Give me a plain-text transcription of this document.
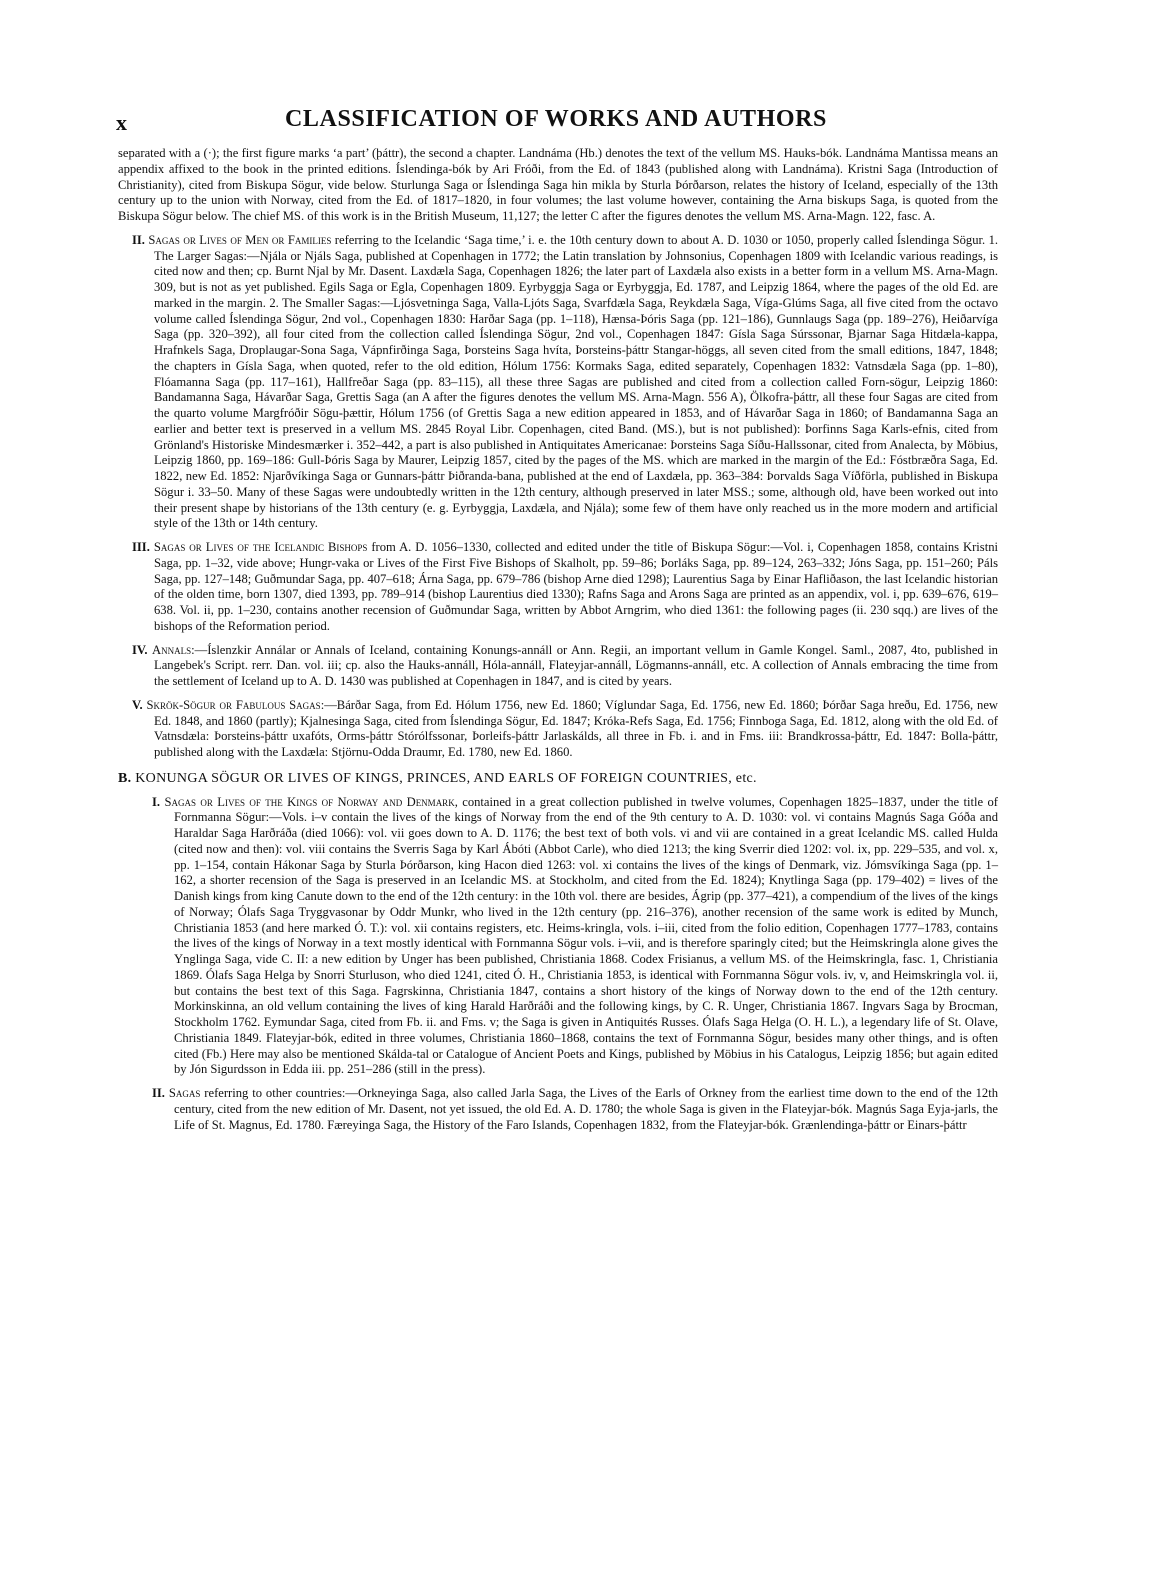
x	CLASSIFICATION OF WORKS AND AUTHORS

separated with a (·); the first figure marks ‘a part’ (þáttr), the second a chapter. Landnáma (Hb.) denotes the text of the vellum MS. Hauks-bók. Landnáma Mantissa means an appendix affixed to the book in the printed editions. Íslendinga-bók by Ari Fróði, from the Ed. of 1843 (published along with Landnáma). Kristni Saga (Introduction of Christianity), cited from Biskupa Sögur, vide below. Sturlunga Saga or Íslendinga Saga hin mikla by Sturla Þórðarson, relates the history of Iceland, especially of the 13th century up to the union with Norway, cited from the Ed. of 1817–1820, in four volumes; the last volume however, containing the Arna biskups Saga, is quoted from the Biskupa Sögur below. The chief MS. of this work is in the British Museum, 11,127; the letter C after the figures denotes the vellum MS. Arna-Magn. 122, fasc. A.

II. Sagas or Lives of Men or Families referring to the Icelandic ‘Saga time,’ i. e. the 10th century down to about A. D. 1030 or 1050, properly called Íslendinga Sögur. 1. The Larger Sagas:—Njála or Njáls Saga, published at Copenhagen in 1772; the Latin translation by Johnsonius, Copenhagen 1809 with Icelandic various readings, is cited now and then; cp. Burnt Njal by Mr. Dasent. Laxdæla Saga, Copenhagen 1826; the later part of Laxdæla also exists in a better form in a vellum MS. Arna-Magn. 309, but is not as yet published. Egils Saga or Egla, Copenhagen 1809. Eyrbyggja Saga or Eyrbyggja, Ed. 1787, and Leipzig 1864, where the pages of the old Ed. are marked in the margin. 2. The Smaller Sagas:—Ljósvetninga Saga, Valla-Ljóts Saga, Svarfdæla Saga, Reykdæla Saga, Víga-Glúms Saga, all five cited from the octavo volume called Íslendinga Sögur, 2nd vol., Copenhagen 1830: Harðar Saga (pp. 1–118), Hænsa-Þóris Saga (pp. 121–186), Gunnlaugs Saga (pp. 189–276), Heiðarvíga Saga (pp. 320–392), all four cited from the collection called Íslendinga Sögur, 2nd vol., Copenhagen 1847: Gísla Saga Súrssonar, Bjarnar Saga Hitdæla-kappa, Hrafnkels Saga, Droplaugar-Sona Saga, Vápnfirðinga Saga, Þorsteins Saga hvíta, Þorsteins-þáttr Stangar-höggs, all seven cited from the small editions, 1847, 1848; the chapters in Gísla Saga, when quoted, refer to the old edition, Hólum 1756: Kormaks Saga, edited separately, Copenhagen 1832: Vatnsdæla Saga (pp. 1–80), Flóamanna Saga (pp. 117–161), Hallfreðar Saga (pp. 83–115), all these three Sagas are published and cited from a collection called Forn-sögur, Leipzig 1860: Bandamanna Saga, Hávarðar Saga, Grettis Saga (an A after the figures denotes the vellum MS. Arna-Magn. 556 A), Ölkofra-þáttr, all these four Sagas are cited from the quarto volume Margfróðir Sögu-þættir, Hólum 1756 (of Grettis Saga a new edition appeared in 1853, and of Hávarðar Saga in 1860; of Bandamanna Saga an earlier and better text is preserved in a vellum MS. 2845 Royal Libr. Copenhagen, cited Band. (MS.), but is not published): Þorfinns Saga Karls-efnis, cited from Grönland's Historiske Mindesmærker i. 352–442, a part is also published in Antiquitates Americanae: Þorsteins Saga Síðu-Hallssonar, cited from Analecta, by Möbius, Leipzig 1860, pp. 169–186: Gull-Þóris Saga by Maurer, Leipzig 1857, cited by the pages of the MS. which are marked in the margin of the Ed.: Fóstbræðra Saga, Ed. 1822, new Ed. 1852: Njarðvíkinga Saga or Gunnars-þáttr Þiðranda-bana, published at the end of Laxdæla, pp. 363–384: Þorvalds Saga Víðförla, published in Biskupa Sögur i. 33–50. Many of these Sagas were undoubtedly written in the 12th century, although preserved in later MSS.; some, although old, have been worked out into their present shape by historians of the 13th century (e. g. Eyrbyggja, Laxdæla, and Njála); some few of them have only reached us in the more modern and artificial style of the 13th or 14th century.

III. Sagas or Lives of the Icelandic Bishops from A. D. 1056–1330, collected and edited under the title of Biskupa Sögur:—Vol. i, Copenhagen 1858, contains Kristni Saga, pp. 1–32, vide above; Hungr-vaka or Lives of the First Five Bishops of Skalholt, pp. 59–86; Þorláks Saga, pp. 89–124, 263–332; Jóns Saga, pp. 151–260; Páls Saga, pp. 127–148; Guðmundar Saga, pp. 407–618; Árna Saga, pp. 679–786 (bishop Arne died 1298); Laurentius Saga by Einar Hafliðason, the last Icelandic historian of the olden time, born 1307, died 1393, pp. 789–914 (bishop Laurentius died 1330); Rafns Saga and Arons Saga are printed as an appendix, vol. i, pp. 639–676, 619–638. Vol. ii, pp. 1–230, contains another recension of Guðmundar Saga, written by Abbot Arngrim, who died 1361: the following pages (ii. 230 sqq.) are lives of the bishops of the Reformation period.

IV. Annals:—Íslenzkir Annálar or Annals of Iceland, containing Konungs-annáll or Ann. Regii, an important vellum in Gamle Kongel. Saml., 2087, 4to, published in Langebek's Script. rerr. Dan. vol. iii; cp. also the Hauks-annáll, Hóla-annáll, Flateyjar-annáll, Lögmanns-annáll, etc. A collection of Annals embracing the time from the settlement of Iceland up to A. D. 1430 was published at Copenhagen in 1847, and is cited by years.

V. Skrök-Sögur or Fabulous Sagas:—Bárðar Saga, from Ed. Hólum 1756, new Ed. 1860; Víglundar Saga, Ed. 1756, new Ed. 1860; Þórðar Saga hreðu, Ed. 1756, new Ed. 1848, and 1860 (partly); Kjalnesinga Saga, cited from Íslendinga Sögur, Ed. 1847; Króka-Refs Saga, Ed. 1756; Finnboga Saga, Ed. 1812, along with the old Ed. of Vatnsdæla: Þorsteins-þáttr uxafóts, Orms-þáttr Stórólfssonar, Þorleifs-þáttr Jarlaskálds, all three in Fb. i. and in Fms. iii: Brandkrossa-þáttr, Ed. 1847: Bolla-þáttr, published along with the Laxdæla: Stjörnu-Odda Draumr, Ed. 1780, new Ed. 1860.

B. KONUNGA SÖGUR OR LIVES OF KINGS, PRINCES, AND EARLS OF FOREIGN COUNTRIES, etc.

I. Sagas or Lives of the Kings of Norway and Denmark, contained in a great collection published in twelve volumes, Copenhagen 1825–1837, under the title of Fornmanna Sögur:—Vols. i–v contain the lives of the kings of Norway from the end of the 9th century to A. D. 1030: vol. vi contains Magnús Saga Góða and Haraldar Saga Harðráða (died 1066): vol. vii goes down to A. D. 1176; the best text of both vols. vi and vii are contained in a great Icelandic MS. called Hulda (cited now and then): vol. viii contains the Sverris Saga by Karl Ábóti (Abbot Carle), who died 1213; the king Sverrir died 1202: vol. ix, pp. 229–535, and vol. x, pp. 1–154, contain Hákonar Saga by Sturla Þórðarson, king Hacon died 1263: vol. xi contains the lives of the kings of Denmark, viz. Jómsvíkinga Saga (pp. 1–162, a shorter recension of the Saga is preserved in an Icelandic MS. at Stockholm, and cited from the Ed. 1824); Knytlinga Saga (pp. 179–402) = lives of the Danish kings from king Canute down to the end of the 12th century: in the 10th vol. there are besides, Ágrip (pp. 377–421), a compendium of the lives of the kings of Norway; Ólafs Saga Tryggvasonar by Oddr Munkr, who lived in the 12th century (pp. 216–376), another recension of the same work is edited by Munch, Christiania 1853 (and here marked Ó. T.): vol. xii contains registers, etc. Heims-kringla, vols. i–iii, cited from the folio edition, Copenhagen 1777–1783, contains the lives of the kings of Norway in a text mostly identical with Fornmanna Sögur vols. i–vii, and is therefore sparingly cited; but the Heimskringla alone gives the Ynglinga Saga, vide C. II: a new edition by Unger has been published, Christiania 1868. Codex Frisianus, a vellum MS. of the Heimskringla, fasc. 1, Christiania 1869. Ólafs Saga Helga by Snorri Sturluson, who died 1241, cited Ó. H., Christiania 1853, is identical with Fornmanna Sögur vols. iv, v, and Heimskringla vol. ii, but contains the best text of this Saga. Fagrskinna, Christiania 1847, contains a short history of the kings of Norway down to the end of the 12th century. Morkinskinna, an old vellum containing the lives of king Harald Harðráði and the following kings, by C. R. Unger, Christiania 1867. Ingvars Saga by Brocman, Stockholm 1762. Eymundar Saga, cited from Fb. ii. and Fms. v; the Saga is given in Antiquités Russes. Ólafs Saga Helga (O. H. L.), a legendary life of St. Olave, Christiania 1849. Flateyjar-bók, edited in three volumes, Christiania 1860–1868, contains the text of Fornmanna Sögur, besides many other things, and is often cited (Fb.) Here may also be mentioned Skálda-tal or Catalogue of Ancient Poets and Kings, published by Möbius in his Catalogus, Leipzig 1856; but again edited by Jón Sigurdsson in Edda iii. pp. 251–286 (still in the press).

II. Sagas referring to other countries:—Orkneyinga Saga, also called Jarla Saga, the Lives of the Earls of Orkney from the earliest time down to the end of the 12th century, cited from the new edition of Mr. Dasent, not yet issued, the old Ed. A. D. 1780; the whole Saga is given in the Flateyjar-bók. Magnús Saga Eyja-jarls, the Life of St. Magnus, Ed. 1780. Færeyinga Saga, the History of the Faro Islands, Copenhagen 1832, from the Flateyjar-bók. Grænlendinga-þáttr or Einars-þáttr
